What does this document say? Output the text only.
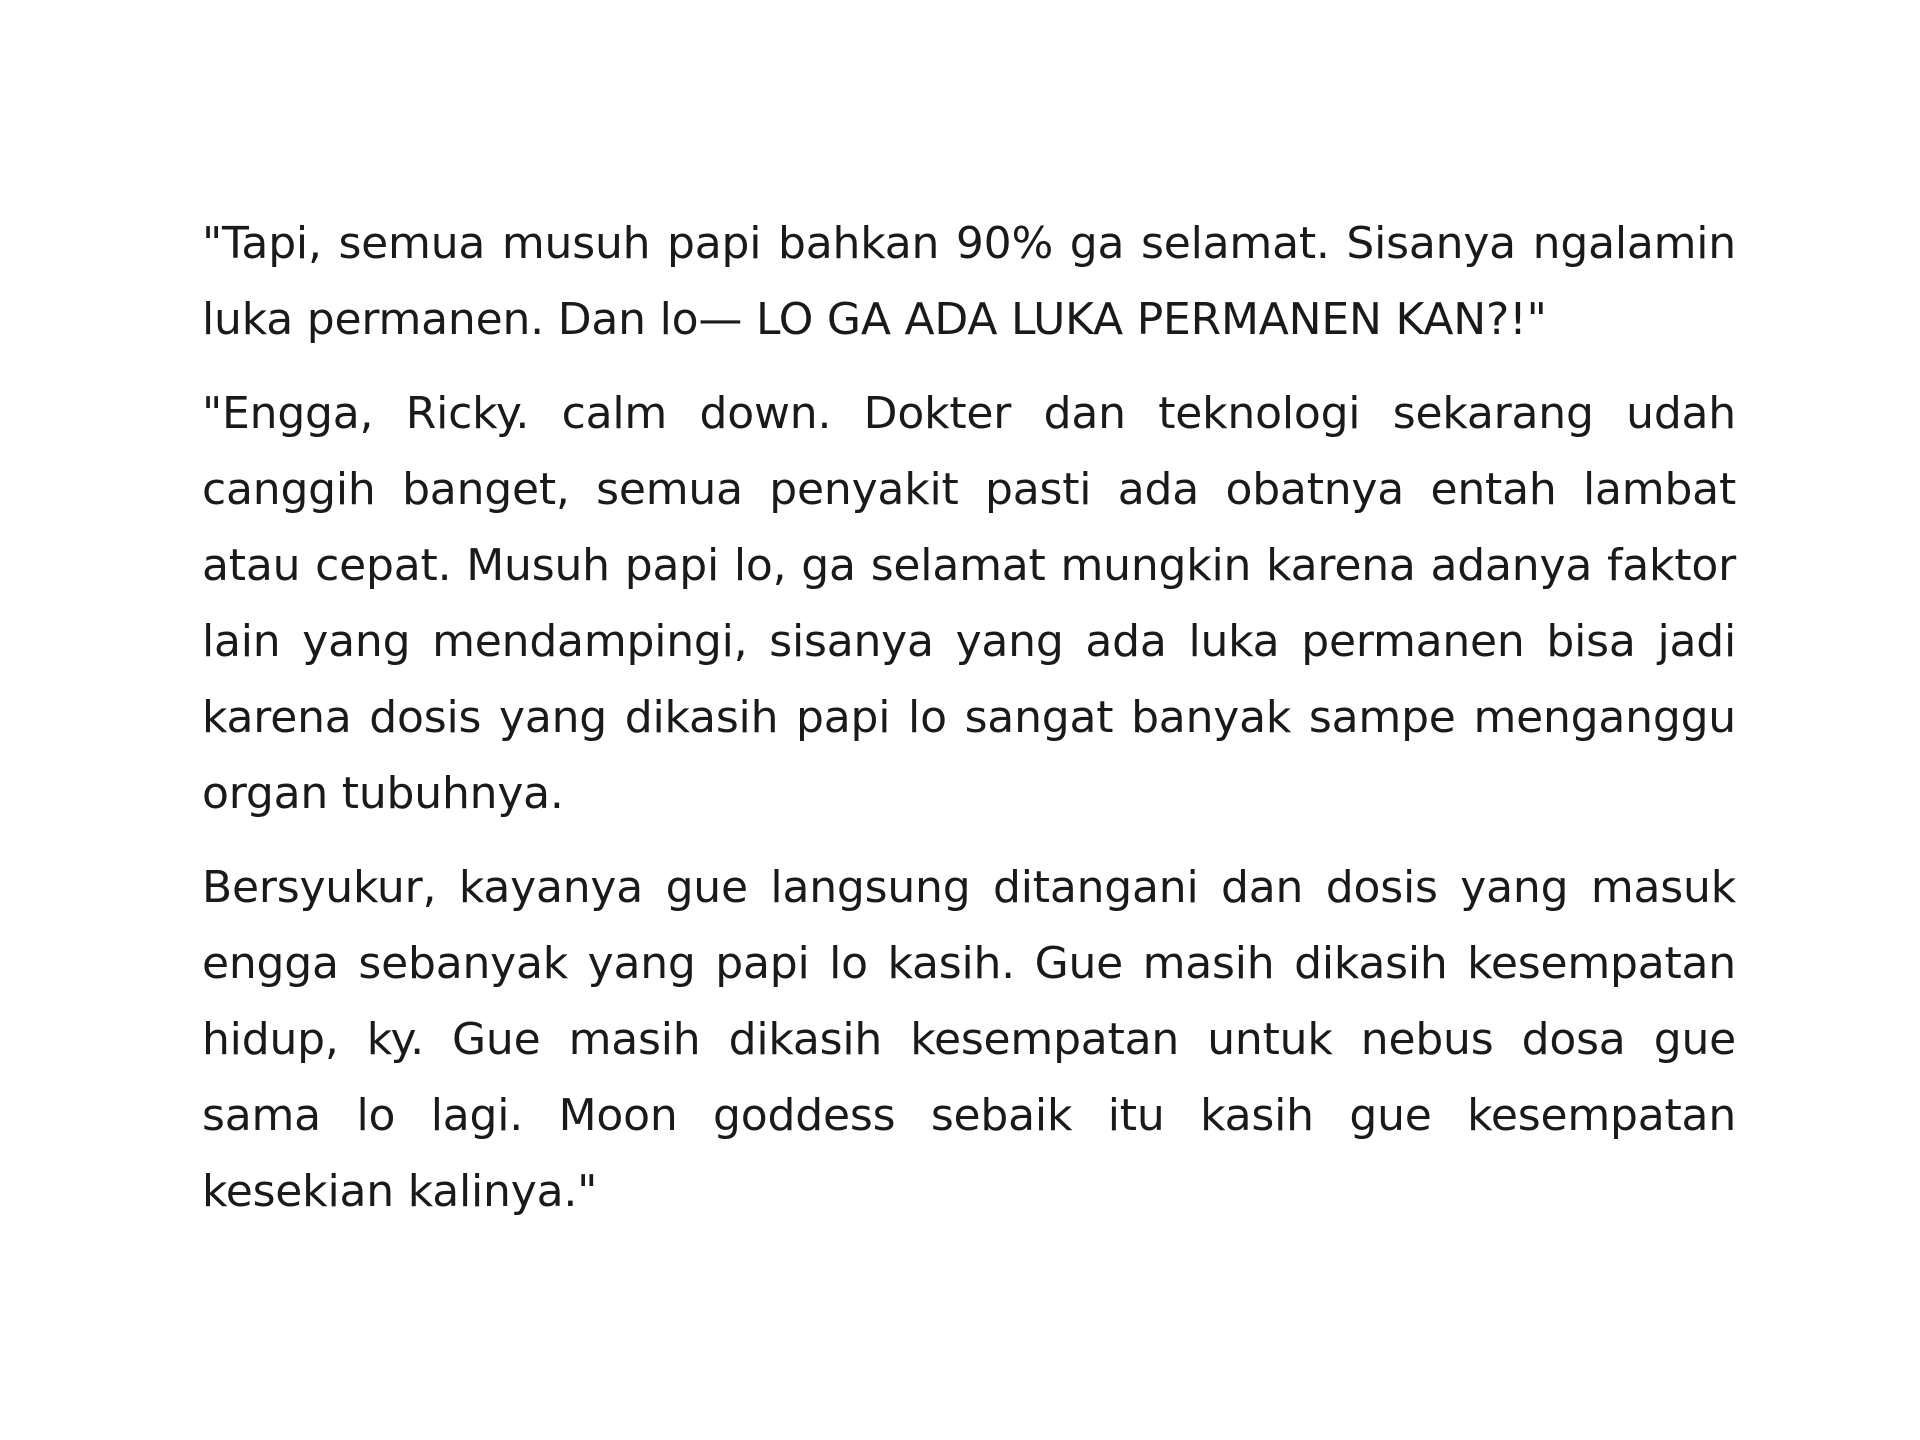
"Tapi, semua musuh papi bahkan 90% ga selamat. Sisanya ngalamin luka permanen. Dan lo— LO GA ADA LUKA PERMANEN KAN?!"

"Engga, Ricky. calm down. Dokter dan teknologi sekarang udah canggih banget, semua penyakit pasti ada obatnya entah lambat atau cepat. Musuh papi lo, ga selamat mungkin karena adanya faktor lain yang mendampingi, sisanya yang ada luka permanen bisa jadi karena dosis yang dikasih papi lo sangat banyak sampe menganggu organ tubuhnya.

Bersyukur, kayanya gue langsung ditangani dan dosis yang masuk engga sebanyak yang papi lo kasih. Gue masih dikasih kesempatan hidup, ky. Gue masih dikasih kesempatan untuk nebus dosa gue sama lo lagi. Moon goddess sebaik itu kasih gue kesempatan kesekian kalinya."
